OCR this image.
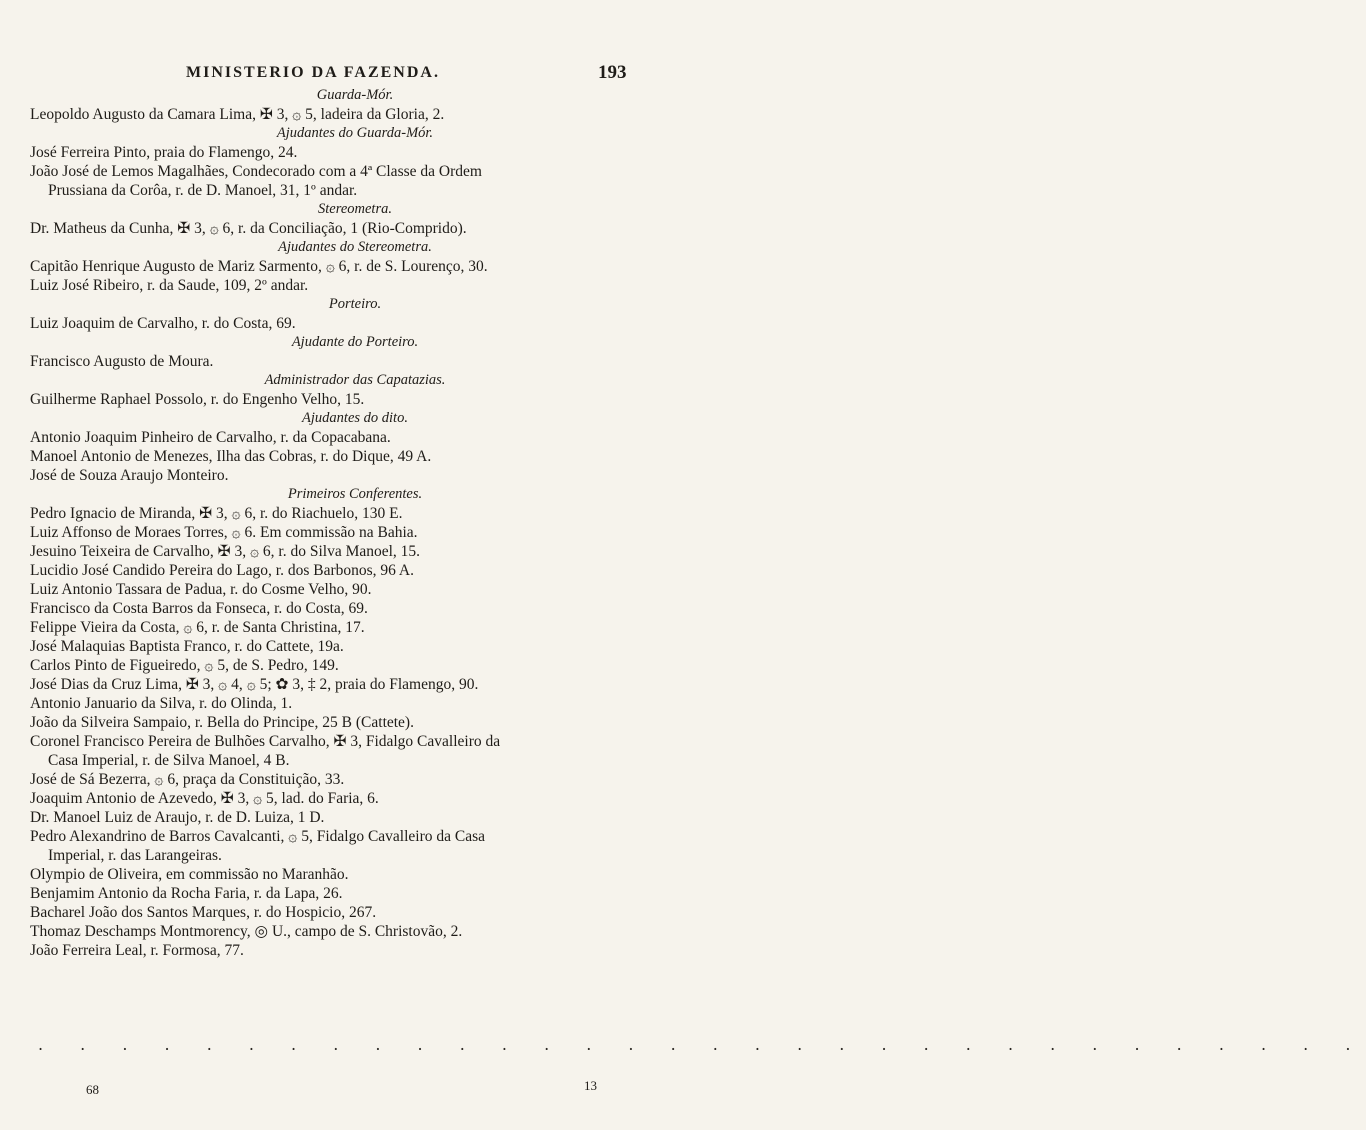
MINISTERIO DA FAZENDA.	193
Guarda-Mór.
Leopoldo Augusto da Camara Lima, ✠ 3, ۞ 5, ladeira da Gloria, 2.
Ajudantes do Guarda-Mór.
José Ferreira Pinto, praia do Flamengo, 24.
João José de Lemos Magalhães, Condecorado com a 4ª Classe da Ordem
Prussiana da Corôa, r. de D. Manoel, 31, 1º andar.
Stereometra.
Dr. Matheus da Cunha, ✠ 3, ۞ 6, r. da Conciliação, 1 (Rio-Comprido).
Ajudantes do Stereometra.
Capitão Henrique Augusto de Mariz Sarmento, ۞ 6, r. de S. Lourenço, 30.
Luiz José Ribeiro, r. da Saude, 109, 2º andar.
Porteiro.
Luiz Joaquim de Carvalho, r. do Costa, 69.
Ajudante do Porteiro.
Francisco Augusto de Moura.
Administrador das Capatazias.
Guilherme Raphael Possolo, r. do Engenho Velho, 15.
Ajudantes do dito.
Antonio Joaquim Pinheiro de Carvalho, r. da Copacabana.
Manoel Antonio de Menezes, Ilha das Cobras, r. do Dique, 49 A.
José de Souza Araujo Monteiro.
Primeiros Conferentes.
Pedro Ignacio de Miranda, ✠ 3, ۞ 6, r. do Riachuelo, 130 E.
Luiz Affonso de Moraes Torres, ۞ 6. Em commissão na Bahia.
Jesuino Teixeira de Carvalho, ✠ 3, ۞ 6, r. do Silva Manoel, 15.
Lucidio José Candido Pereira do Lago, r. dos Barbonos, 96 A.
Luiz Antonio Tassara de Padua, r. do Cosme Velho, 90.
Francisco da Costa Barros da Fonseca, r. do Costa, 69.
Felippe Vieira da Costa, ۞ 6, r. de Santa Christina, 17.
José Malaquias Baptista Franco, r. do Cattete, 19a.
Carlos Pinto de Figueiredo, ۞ 5, de S. Pedro, 149.
José Dias da Cruz Lima, ✠ 3, ۞ 4, ۞ 5; ✿ 3, ‡ 2, praia do Flamengo, 90.
Antonio Januario da Silva, r. do Olinda, 1.
João da Silveira Sampaio, r. Bella do Principe, 25 B (Cattete).
Coronel Francisco Pereira de Bulhões Carvalho, ✠ 3, Fidalgo Cavalleiro da
Casa Imperial, r. de Silva Manoel, 4 B.
José de Sá Bezerra, ۞ 6, praça da Constituição, 33.
Joaquim Antonio de Azevedo, ✠ 3, ۞ 5, lad. do Faria, 6.
Dr. Manoel Luiz de Araujo, r. de D. Luiza, 1 D.
Pedro Alexandrino de Barros Cavalcanti, ۞ 5, Fidalgo Cavalleiro da Casa
Imperial, r. das Larangeiras.
Olympio de Oliveira, em commissão no Maranhão.
Benjamim Antonio da Rocha Faria, r. da Lapa, 26.
Bacharel João dos Santos Marques, r. do Hospicio, 267.
Thomaz Deschamps Montmorency, ◎ U., campo de S. Christovão, 2.
João Ferreira Leal, r. Formosa, 77.
. . . . . . . . . . . . . . . . . . . . . . . . . . . . . . . .
68	13
